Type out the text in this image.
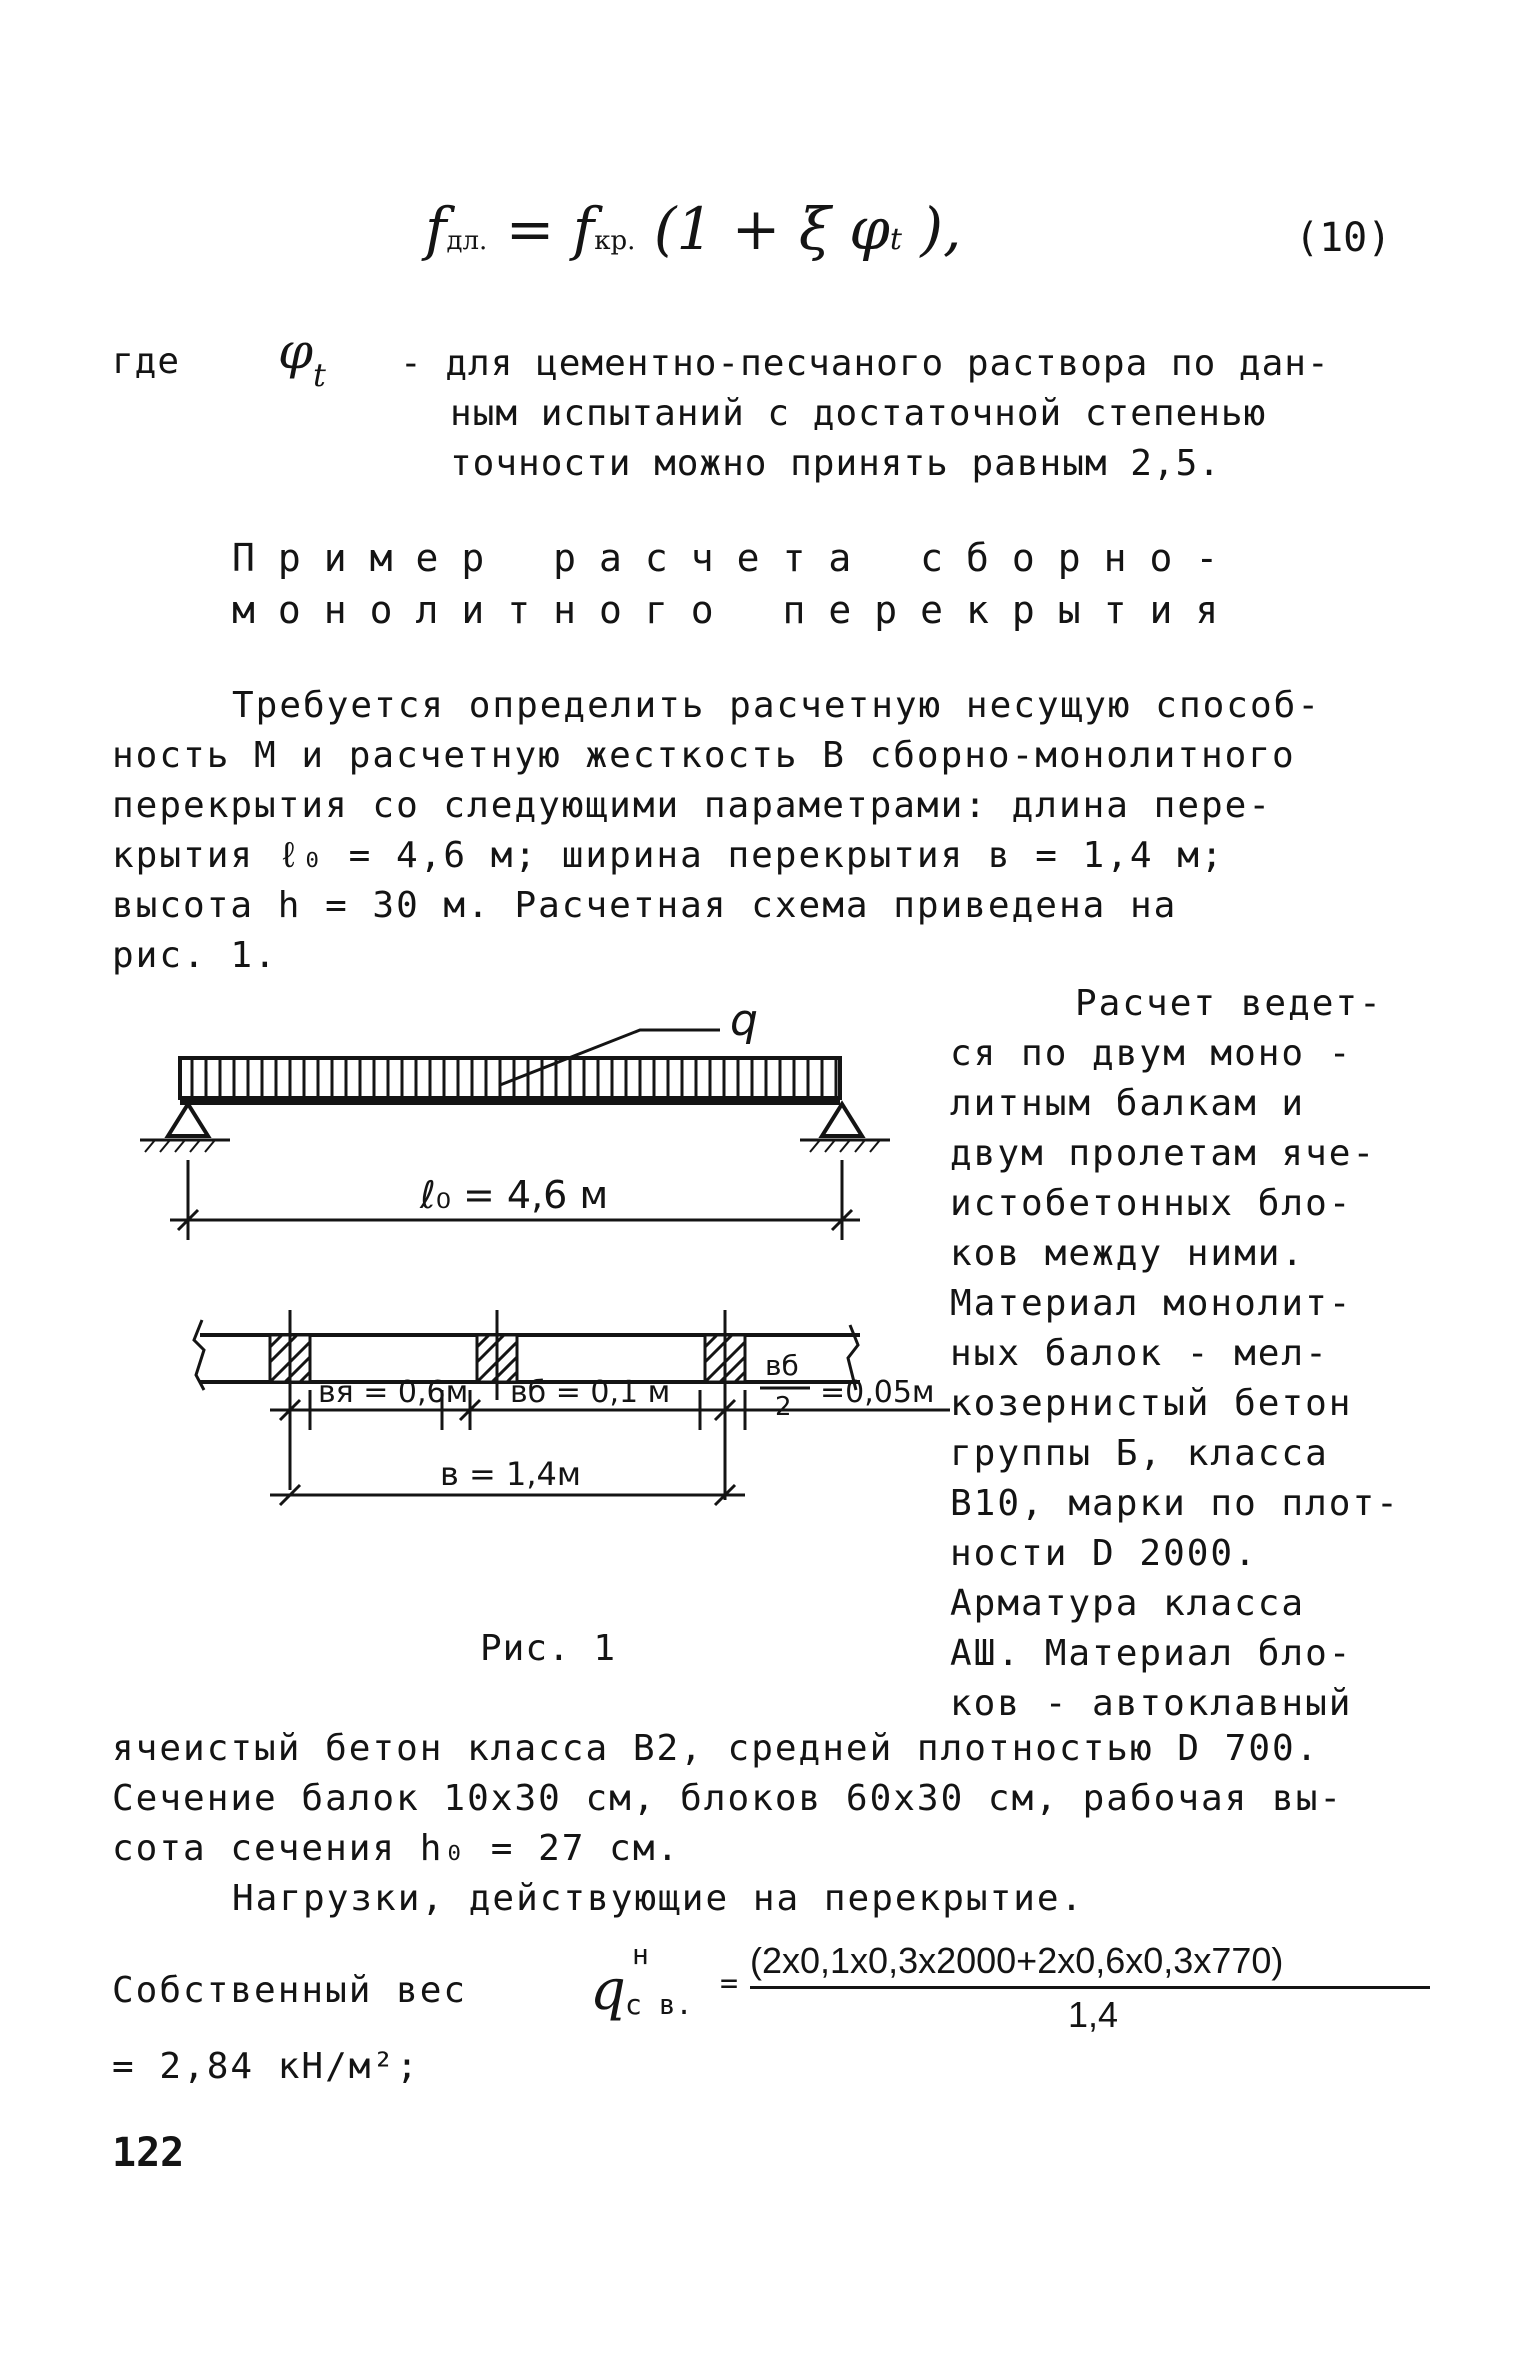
fдл. = fкр. (1 + ξ φt ),	(10)
где $\varphi_t$ - для цементно-песчаного раствора по дан-
ным испытаний с достаточной степенью
точности можно принять равным 2,5.
Пример расчета сборно-
монолитного перекрытия
Требуется определить расчетную несущую способ-
ность М и расчетную жесткость В сборно-монолитного
перекрытия со следующими параметрами: длина пере-
крытия ℓ₀ = 4,6 м; ширина перекрытия в = 1,4 м;
высота h = 30 м. Расчетная схема приведена на
рис. 1.
Расчет ведет-
ся по двум моно -
литным балкам и
двум пролетам яче-
истобетонных бло-
ков между ними.
Материал монолит-
ных балок - мел-
козернистый бетон
группы Б, класса
В10, марки по плот-
ности D 2000.
Арматура класса
АШ. Материал бло-
ков - автоклавный
q
ℓ₀ = 4,6 м
вя = 0,6м вб = 0,1 м
вб
2 =0,05м
в = 1,4м
Рис. 1
ячеистый бетон класса В2, средней плотностью D 700.
Сечение балок 10х30 см, блоков 60х30 см, рабочая вы-
сота сечения h₀ = 27 см.
Нагрузки, действующие на перекрытие.
Собственный вес q
н
с в.
=
(2х0,1х0,3х2000+2х0,6х0,3х770)
1,4
= 2,84 кН/м²;
122
